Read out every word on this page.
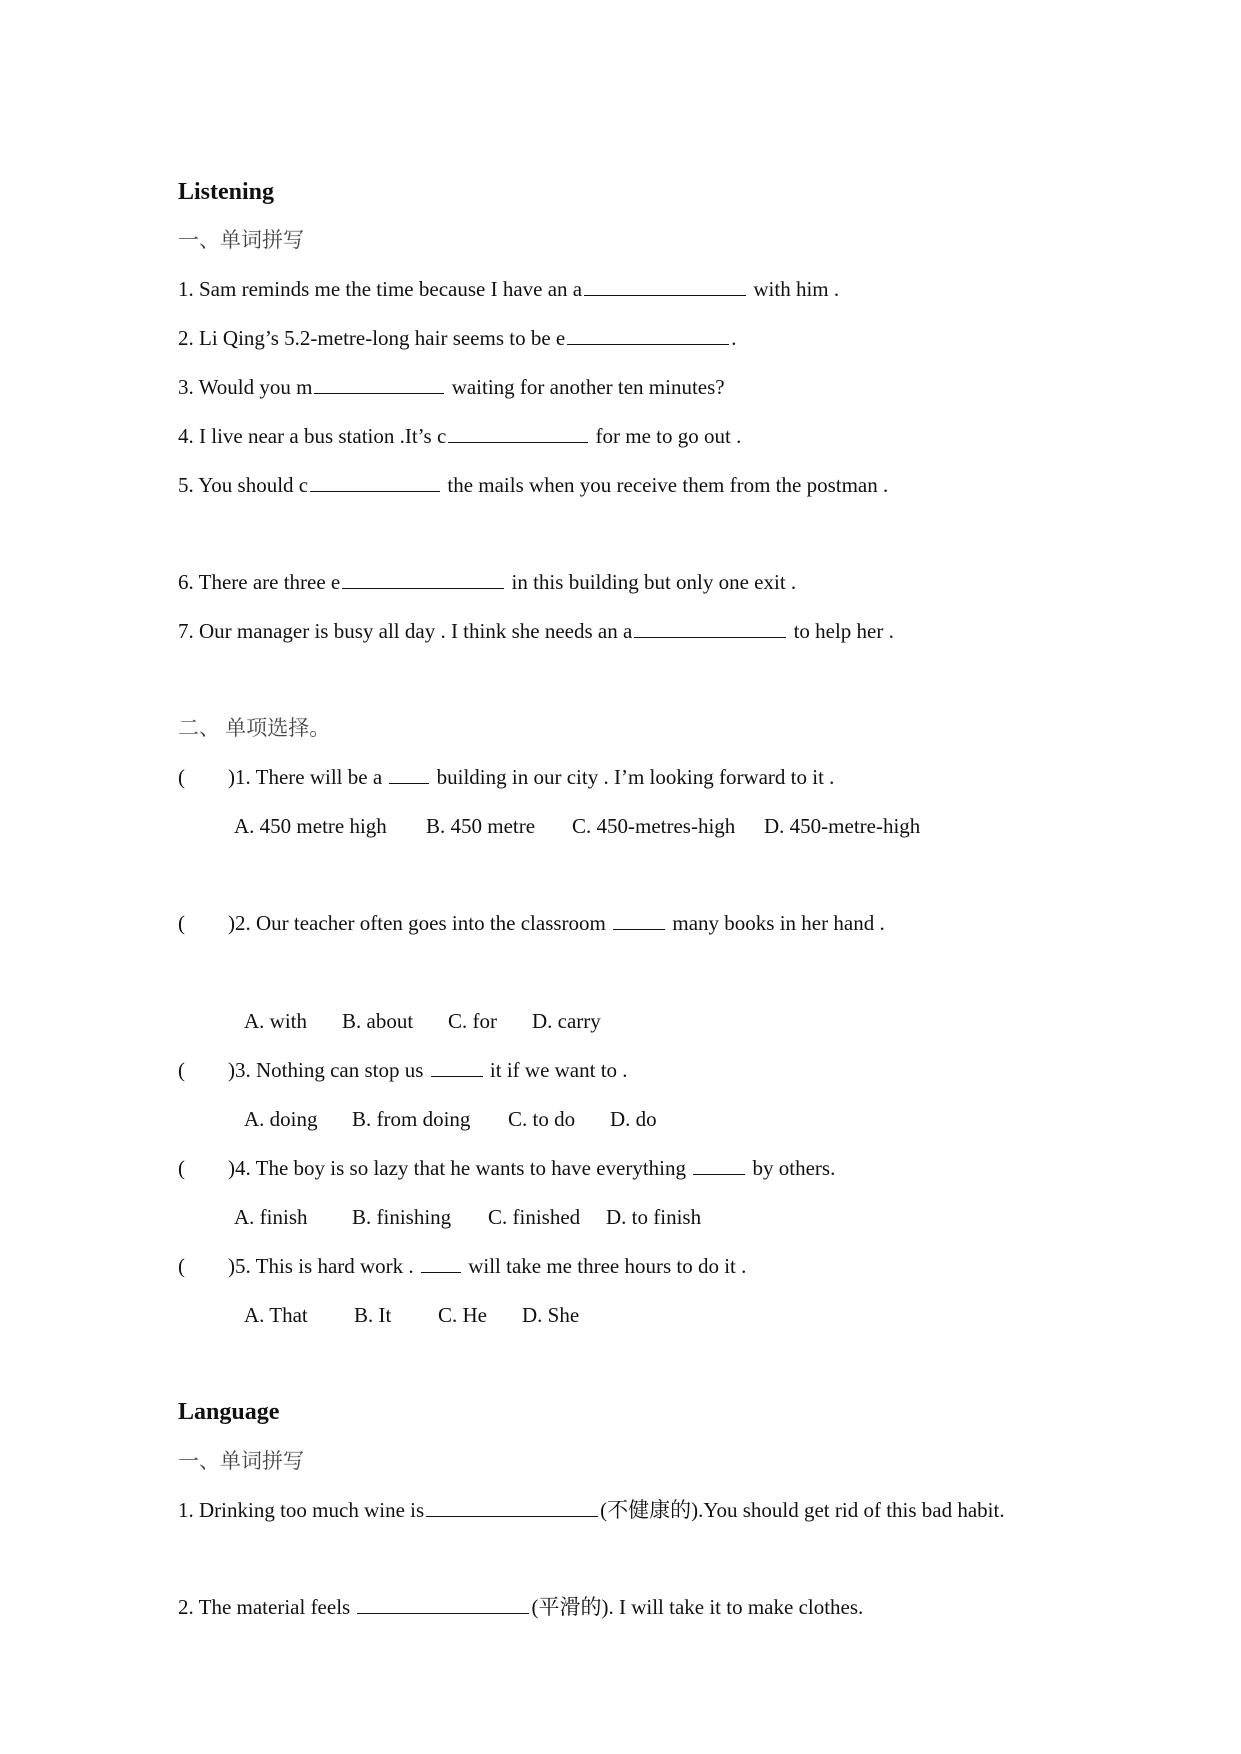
Listening
一、单词拼写
1. Sam reminds me the time because I have an a	with him .
2. Li Qing’s 5.2-metre-long hair seems to be e	.
3. Would you m	waiting for another ten minutes?
4. I live near a bus station .It’s c	for me to go out .
5. You should c	the mails when you receive them from the postman .
6. There are three e	in this building but only one exit .
7. Our manager is busy all day . I think she needs an a	to help her .
二、 单项选择。
( )1. There will be a  building in our city . I’m looking forward to it .
A. 450 metre high B. 450 metre C. 450-metres-high D. 450-metre-high
( )2. Our teacher often goes into the classroom	many books in her hand .
A. with B. about C. for D. carry
( )3. Nothing can stop us	it if we want to .
A. doing B. from doing C. to do D. do
( )4. The boy is so lazy that he wants to have everything	by others.
A. finish B. finishing C. finished D. to finish
( )5. This is hard work .  will take me three hours to do it .
A. That B. It C. He D. She
Language
一、单词拼写
1. Drinking too much wine is	(不健康的).You should get rid of this bad habit.
2. The material feels	(平滑的). I will take it to make clothes.
